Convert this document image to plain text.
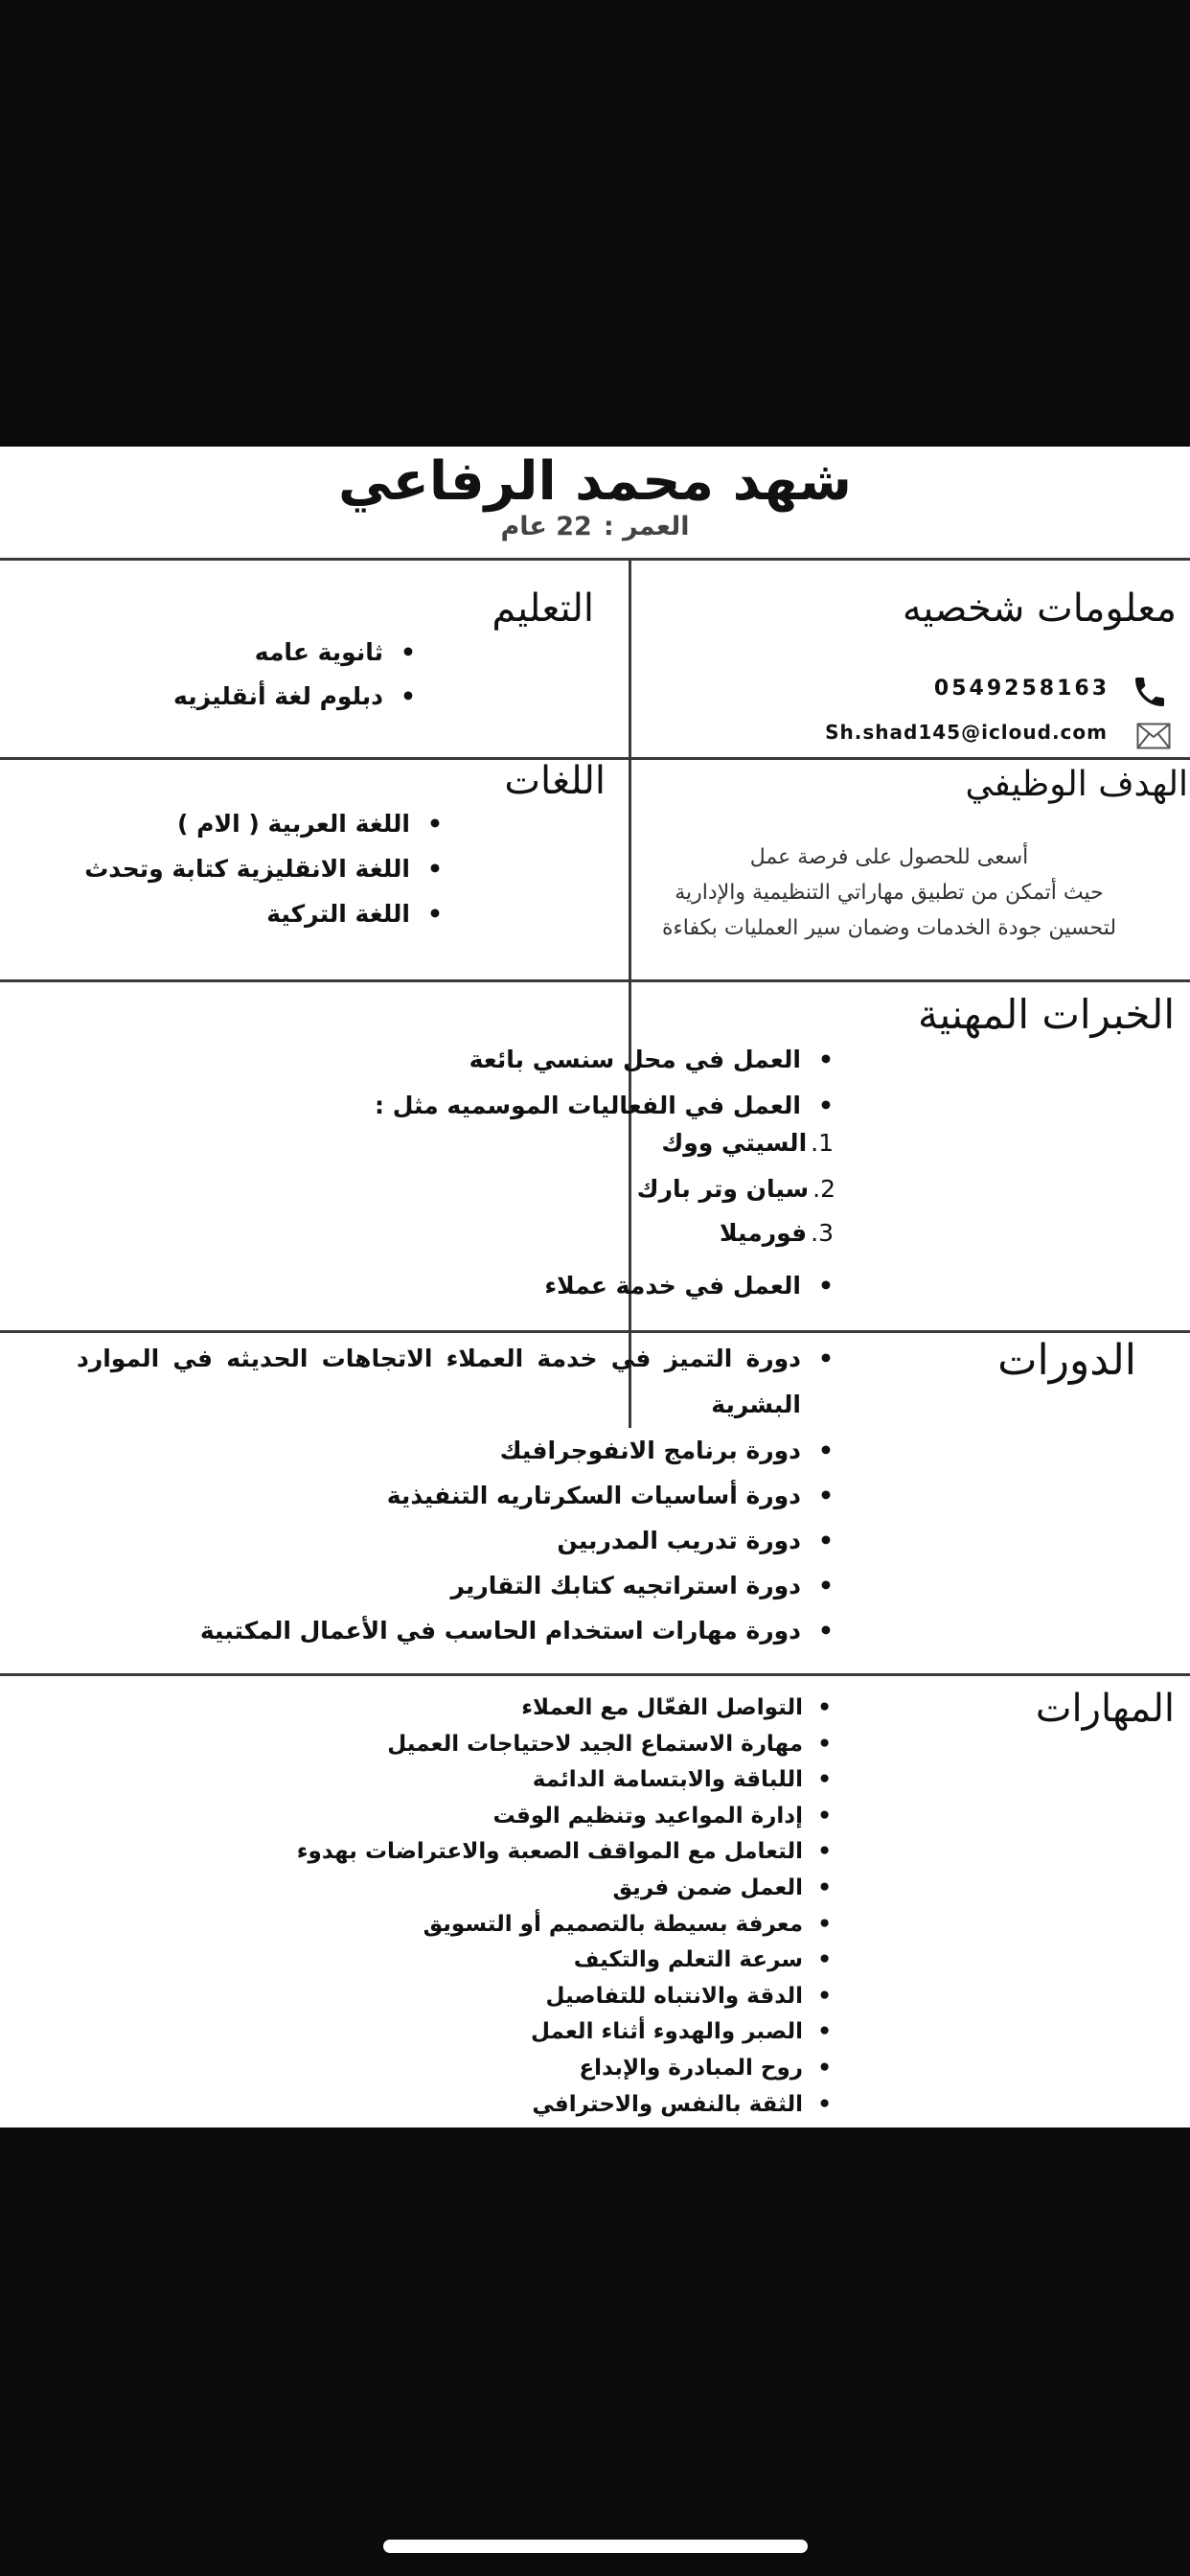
شهد محمد الرفاعي
العمر :22 عام
معلومات شخصيه
0549258163
Sh.shad145@icloud.com
التعليم
• ثانوية عامه
• دبلوم لغة أنقليزيه
الهدف الوظيفي
أسعى للحصول على فرصة عمل
حيث أتمكن من تطبيق مهاراتي التنظيمية والإدارية
لتحسين جودة الخدمات وضمان سير العمليات بكفاءة
اللغات
• اللغة العربية ( الام )
• اللغة الانقليزية كتابة وتحدث
• اللغة التركية
الخبرات المهنية
• العمل في محل سنسي بائعة
• العمل في الفعاليات الموسميه مثل :
1.السيتي ووك
2.سيان وتر بارك
3.فورميلا
• العمل في خدمة عملاء
الدورات
• دورة التميز في خدمة العملاء الاتجاهات الحديثه في الموارد البشرية
• دورة برنامج الانفوجرافيك
• دورة أساسيات السكرتاريه التنفيذية
• دورة تدريب المدربين
• دورة استراتجيه كتابك التقارير
• دورة مهارات استخدام الحاسب في الأعمال المكتبية
المهارات
• التواصل الفعّال مع العملاء
• مهارة الاستماع الجيد لاحتياجات العميل
• اللباقة والابتسامة الدائمة
• إدارة المواعيد وتنظيم الوقت
• التعامل مع المواقف الصعبة والاعتراضات بهدوء
• العمل ضمن فريق
• معرفة بسيطة بالتصميم أو التسويق
• سرعة التعلم والتكيف
• الدقة والانتباه للتفاصيل
• الصبر والهدوء أثناء العمل
• روح المبادرة والإبداع
• الثقة بالنفس والاحترافي
